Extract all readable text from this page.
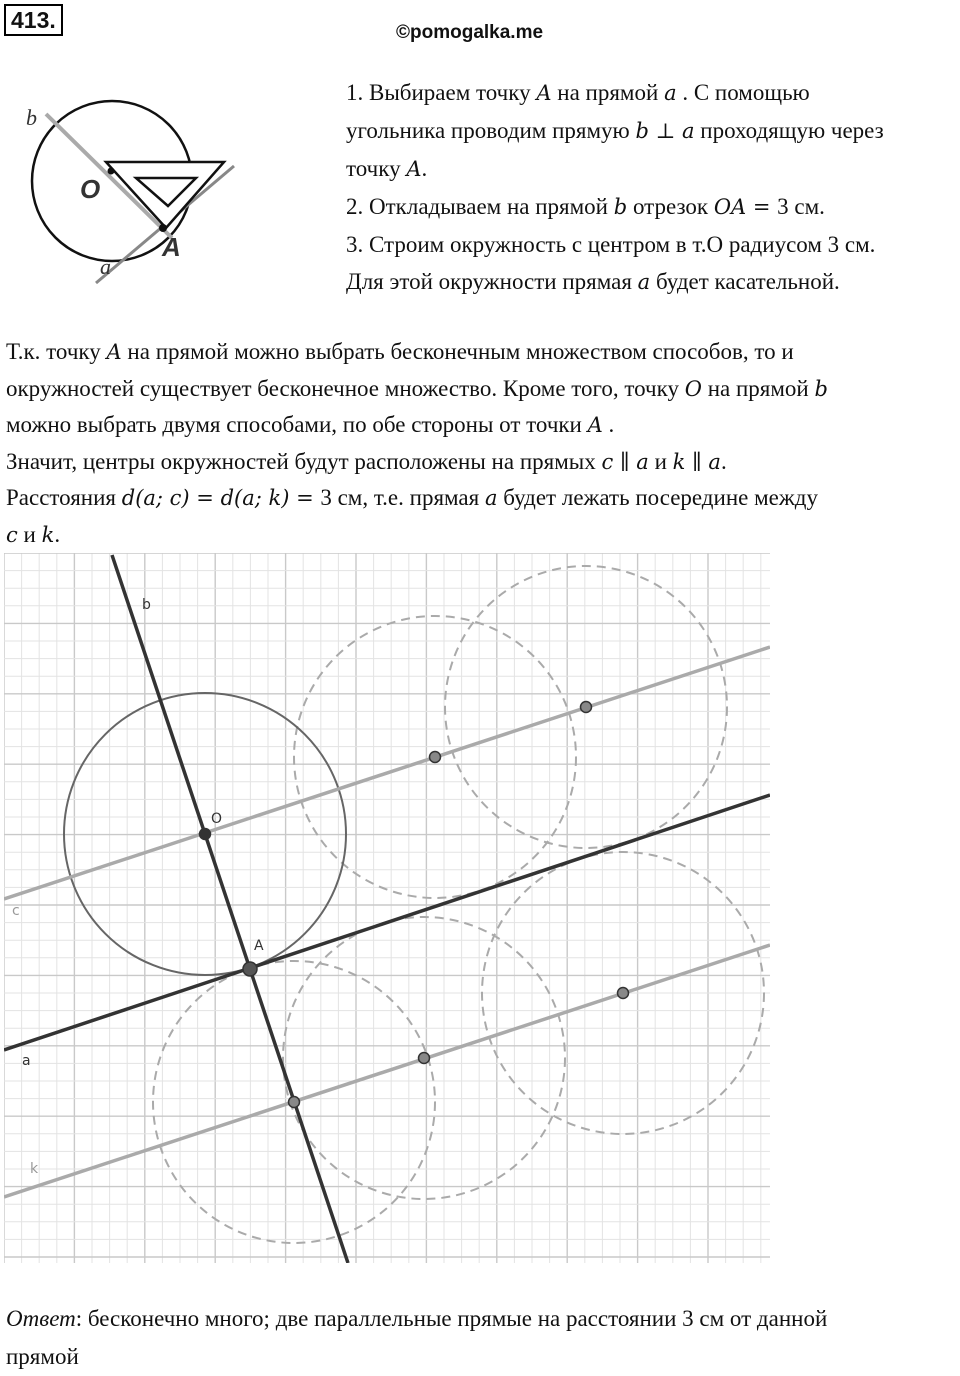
413.	©pomogalka.me
b
O
A
a

1. Выбираем точку A на прямой a . С помощью

угольника проводим прямую b ⊥ a проходящую через

точку A.

2. Откладываем на прямой b отрезок OA = 3 см.

3. Строим окружность с центром в т.О радиусом 3 см.

Для этой окружности прямая a будет касательной.

Т.к. точку A на прямой можно выбрать бесконечным множеством способов, то и

окружностей существует бесконечное множество. Кроме того, точку O на прямой b

можно выбрать двумя способами, по обе стороны от точки A .

Значит, центры окружностей будут расположены на прямых c ∥ a и k ∥ a.

Расстояния d(a; c) = d(a; k) = 3 см, т.е. прямая a будет лежать посередине между

c и k.

b
O
A
c
a
k
Ответ: бесконечно много; две параллельные прямые на расстоянии 3 см от данной
прямой
